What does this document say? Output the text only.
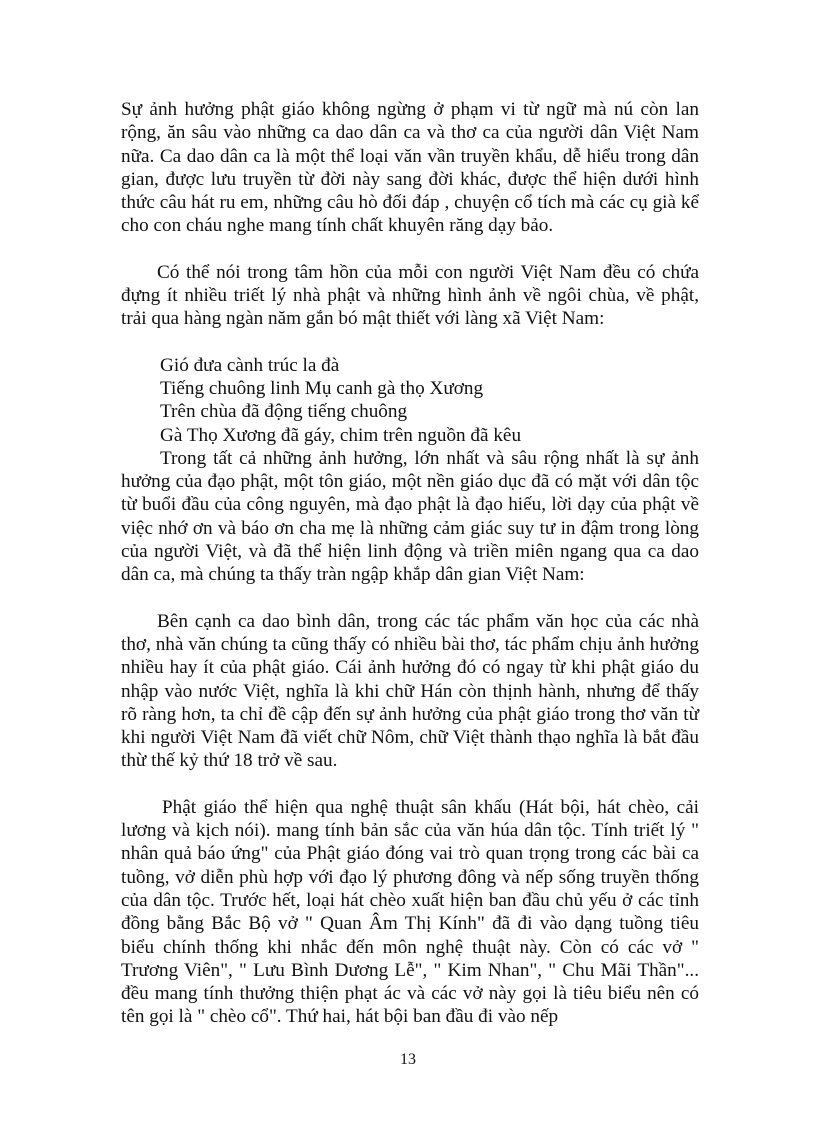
Sự ảnh hưởng phật giáo không ngừng ở phạm vi từ ngữ mà nú còn lan rộng, ăn sâu vào những ca dao dân ca và thơ ca của người dân Việt Nam nữa. Ca dao dân ca là một thể loại văn vần truyền khẩu, dễ hiểu trong dân gian, được lưu truyền từ đời này sang đời khác, được thể hiện dưới hình thức câu hát ru em, những câu hò đối đáp , chuyện cổ tích mà các cụ già kể cho con cháu nghe mang tính chất khuyên răng dạy bảo.

Có thể nói trong tâm hồn của mỗi con người Việt Nam đều có chứa đựng ít nhiều triết lý nhà phật và những hình ảnh về ngôi chùa, về phật, trải qua hàng ngàn năm gắn bó mật thiết với làng xã Việt Nam:

Gió đưa cành trúc la đà
Tiếng chuông linh Mụ canh gà thọ Xương
Trên chùa đã động tiếng chuông
Gà Thọ Xương đã gáy, chim trên nguồn đã kêu

Trong tất cả những ảnh hưởng, lớn nhất và sâu rộng nhất là sự ảnh hưởng của đạo phật, một tôn giáo, một nền giáo dục đã có mặt với dân tộc từ buổi đầu của công nguyên, mà đạo phật là đạo hiếu, lời dạy của phật về việc nhớ ơn và báo ơn cha mẹ là những cảm giác suy tư in đậm trong lòng của người Việt, và đã thể hiện linh động và triền miên ngang qua ca dao dân ca, mà chúng ta thấy tràn ngập khắp dân gian Việt Nam:

Bên cạnh ca dao bình dân, trong các tác phẩm văn học của các nhà thơ, nhà văn chúng ta cũng thấy có nhiều bài thơ, tác phẩm chịu ảnh hưởng nhiều hay ít của phật giáo. Cái ảnh hưởng đó có ngay từ khi phật giáo du nhập vào nước Việt, nghĩa là khi chữ Hán còn thịnh hành, nhưng để thấy rõ ràng hơn, ta chỉ đề cập đến sự ảnh hưởng của phật giáo trong thơ văn từ khi người Việt Nam đã viết chữ Nôm, chữ Việt thành thạo nghĩa là bắt đầu thừ thế kỷ thứ 18 trở về sau.

Phật giáo thể hiện qua nghệ thuật sân khấu (Hát bội, hát chèo, cải lương và kịch nói). mang tính bản sắc của văn húa dân tộc. Tính triết lý " nhân quả báo ứng" của Phật giáo đóng vai trò quan trọng trong các bài ca tuồng, vở diễn phù hợp với đạo lý phương đông và nếp sống truyền thống của dân tộc. Trước hết, loại hát chèo xuất hiện ban đầu chủ yếu ở các tỉnh đồng bằng Bắc Bộ vở " Quan Âm Thị Kính" đã đi vào dạng tuồng tiêu biểu chính thống khi nhắc đến môn nghệ thuật này. Còn có các vở " Trương Viên", " Lưu Bình Dương Lễ", " Kim Nhan", " Chu Mãi Thần"... đều mang tính thưởng thiện phạt ác và các vở này gọi là tiêu biểu nên có tên gọi là " chèo cổ". Thứ hai, hát bội ban đầu đi vào nếp

13
